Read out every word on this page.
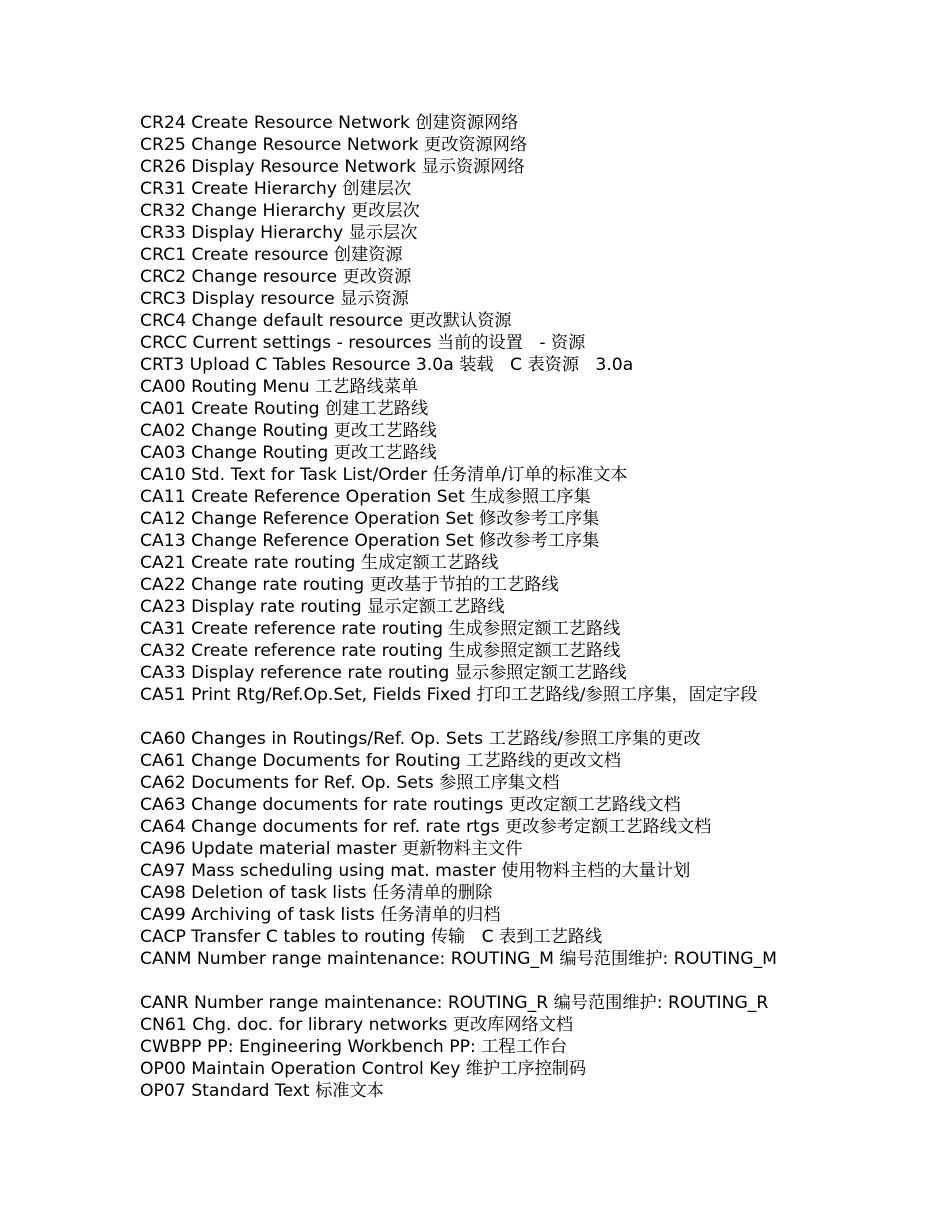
CR24 Create Resource Network 创建资源网络
CR25 Change Resource Network 更改资源网络
CR26 Display Resource Network 显示资源网络
CR31 Create Hierarchy 创建层次
CR32 Change Hierarchy 更改层次
CR33 Display Hierarchy 显示层次
CRC1 Create resource 创建资源
CRC2 Change resource 更改资源
CRC3 Display resource 显示资源
CRC4 Change default resource 更改默认资源
CRCC Current settings - resources 当前的设置   - 资源
CRT3 Upload C Tables Resource 3.0a 装载   C 表资源   3.0a
CA00 Routing Menu 工艺路线菜单
CA01 Create Routing 创建工艺路线
CA02 Change Routing 更改工艺路线
CA03 Change Routing 更改工艺路线
CA10 Std. Text for Task List/Order 任务清单/订单的标准文本
CA11 Create Reference Operation Set 生成参照工序集
CA12 Change Reference Operation Set 修改参考工序集
CA13 Change Reference Operation Set 修改参考工序集
CA21 Create rate routing 生成定额工艺路线
CA22 Change rate routing 更改基于节拍的工艺路线
CA23 Display rate routing 显示定额工艺路线
CA31 Create reference rate routing 生成参照定额工艺路线
CA32 Create reference rate routing 生成参照定额工艺路线
CA33 Display reference rate routing 显示参照定额工艺路线
CA51 Print Rtg/Ref.Op.Set, Fields Fixed 打印工艺路线/参照工序集，固定字段
CA60 Changes in Routings/Ref. Op. Sets 工艺路线/参照工序集的更改
CA61 Change Documents for Routing 工艺路线的更改文档
CA62 Documents for Ref. Op. Sets 参照工序集文档
CA63 Change documents for rate routings 更改定额工艺路线文档
CA64 Change documents for ref. rate rtgs 更改参考定额工艺路线文档
CA96 Update material master 更新物料主文件
CA97 Mass scheduling using mat. master 使用物料主档的大量计划
CA98 Deletion of task lists 任务清单的删除
CA99 Archiving of task lists 任务清单的归档
CACP Transfer C tables to routing 传输   C 表到工艺路线
CANM Number range maintenance: ROUTING_M 编号范围维护: ROUTING_M
CANR Number range maintenance: ROUTING_R 编号范围维护: ROUTING_R
CN61 Chg. doc. for library networks 更改库网络文档
CWBPP PP: Engineering Workbench PP: 工程工作台
OP00 Maintain Operation Control Key 维护工序控制码
OP07 Standard Text 标准文本
